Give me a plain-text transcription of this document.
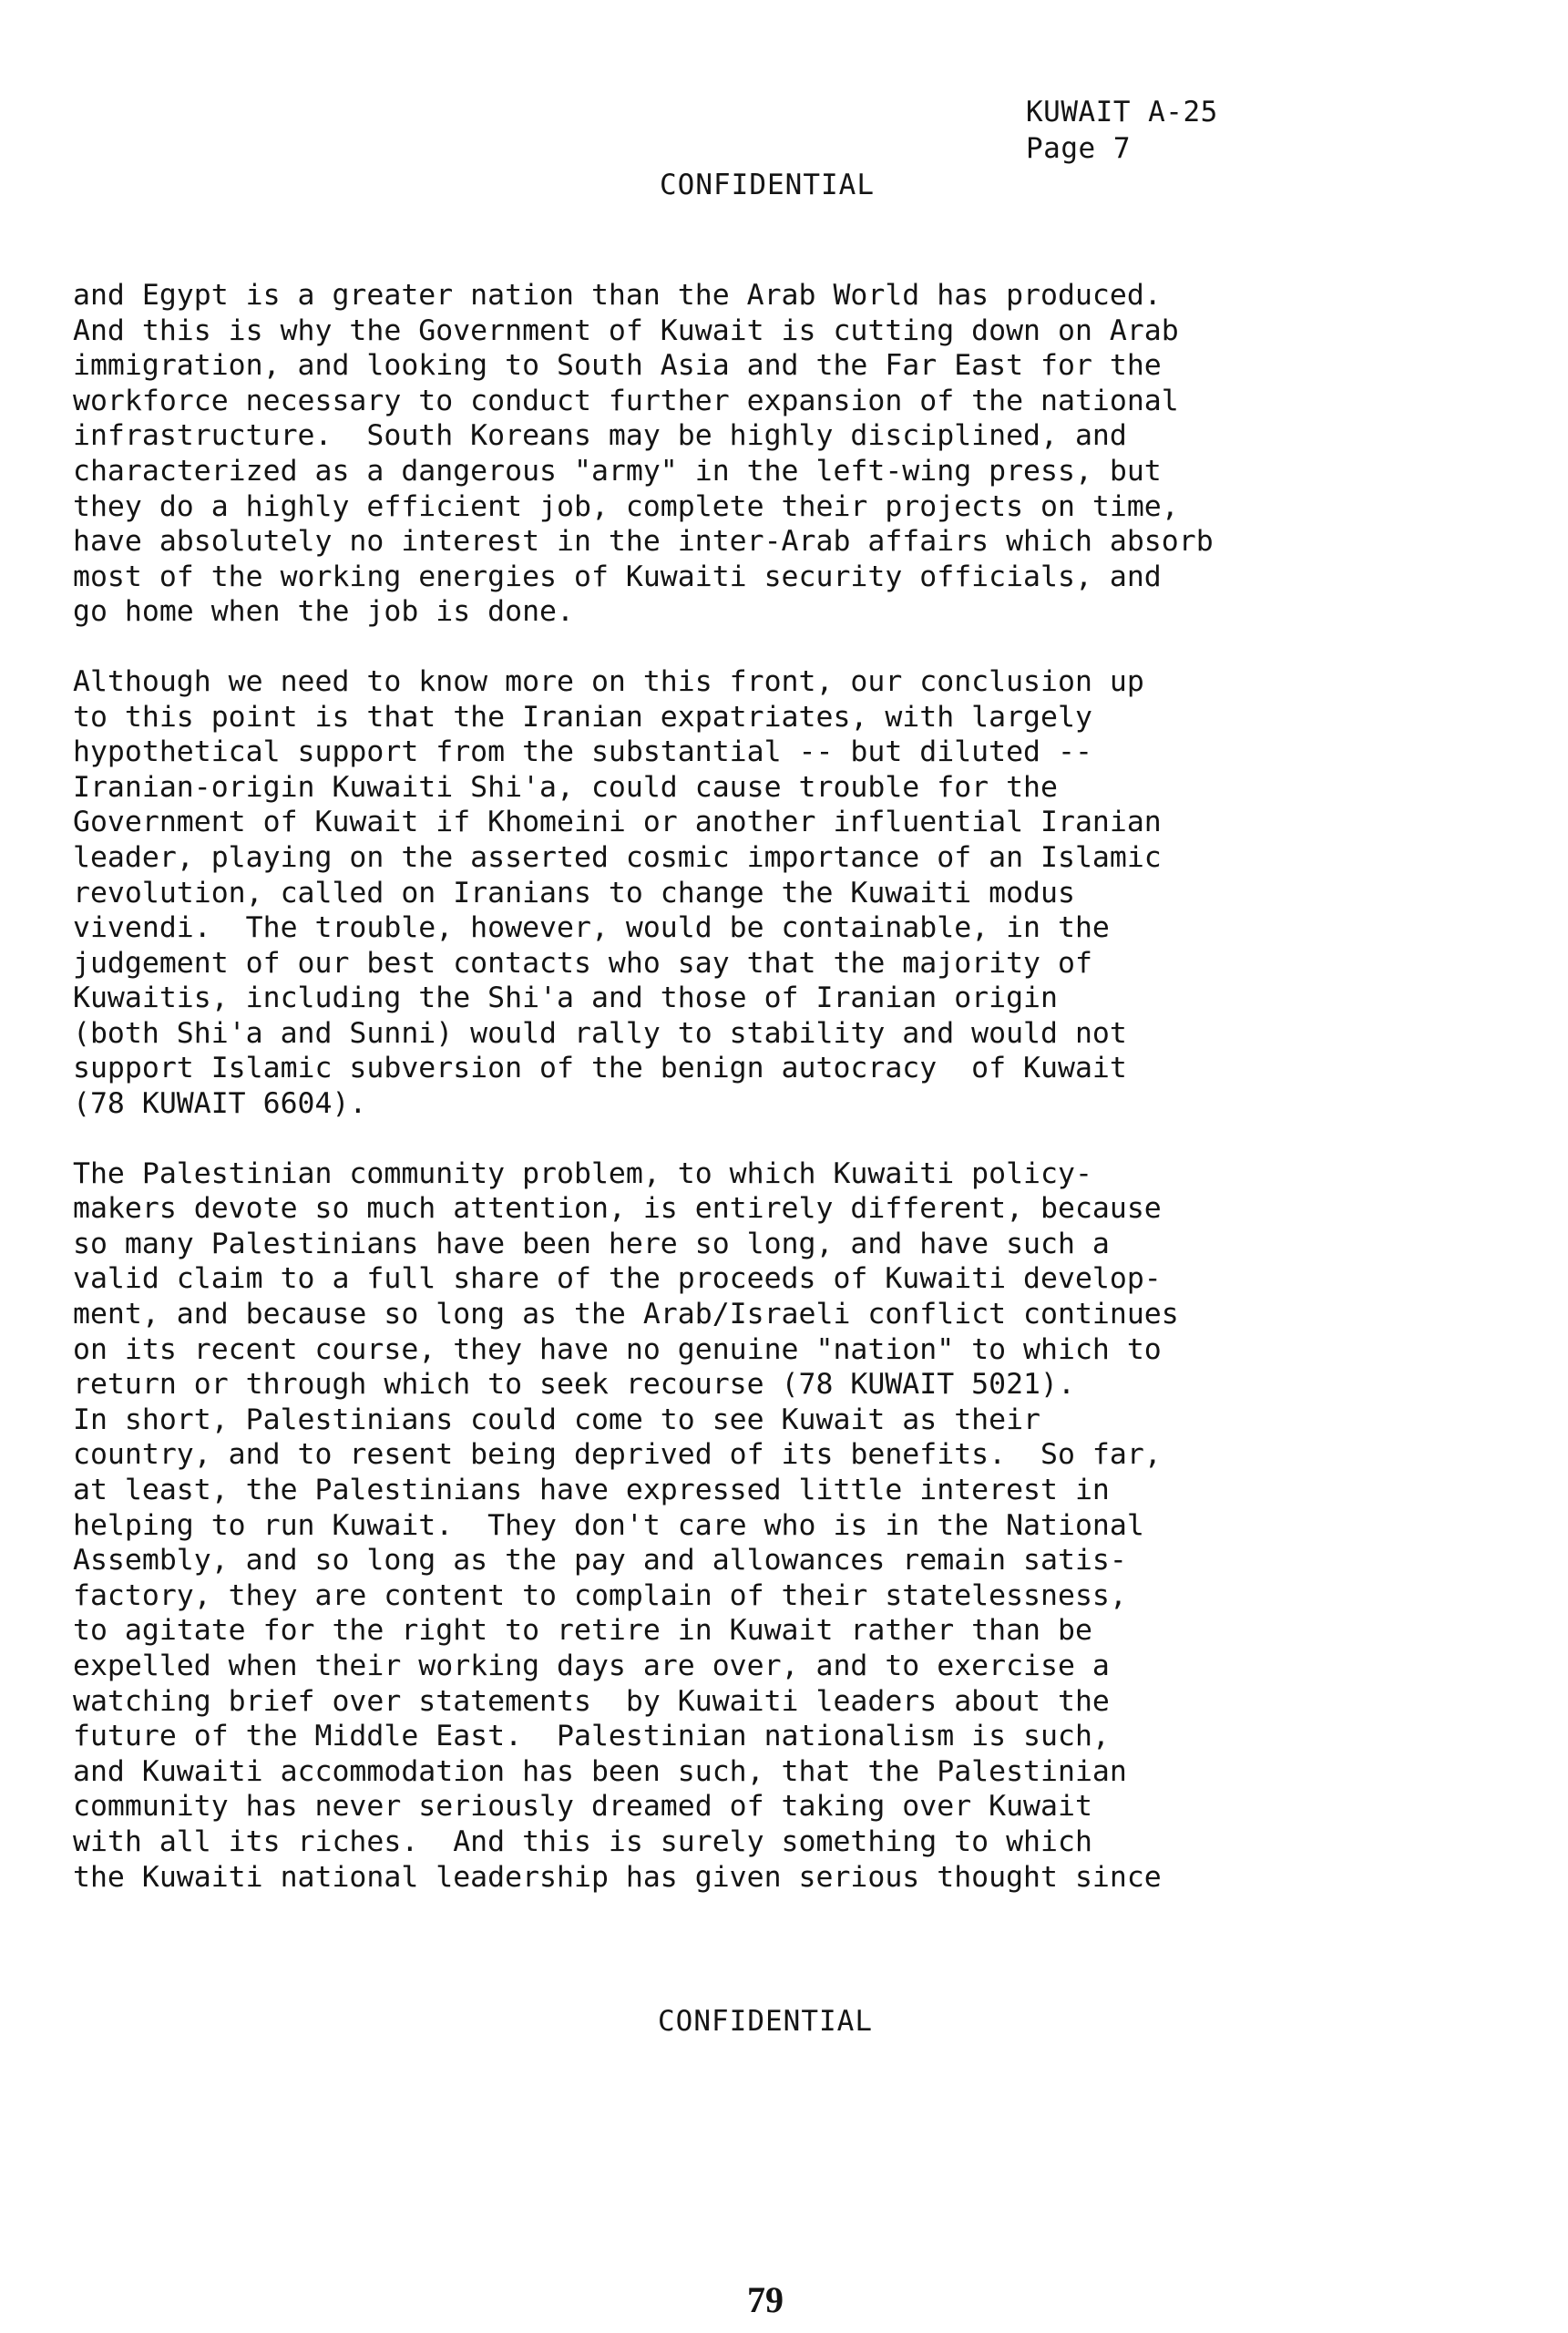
KUWAIT A-25
Page 7
CONFIDENTIAL
and Egypt is a greater nation than the Arab World has produced.
And this is why the Government of Kuwait is cutting down on Arab
immigration, and looking to South Asia and the Far East for the
workforce necessary to conduct further expansion of the national
infrastructure.  South Koreans may be highly disciplined, and
characterized as a dangerous "army" in the left-wing press, but
they do a highly efficient job, complete their projects on time,
have absolutely no interest in the inter-Arab affairs which absorb
most of the working energies of Kuwaiti security officials, and
go home when the job is done.
Although we need to know more on this front, our conclusion up
to this point is that the Iranian expatriates, with largely
hypothetical support from the substantial -- but diluted --
Iranian-origin Kuwaiti Shi'a, could cause trouble for the
Government of Kuwait if Khomeini or another influential Iranian
leader, playing on the asserted cosmic importance of an Islamic
revolution, called on Iranians to change the Kuwaiti modus
vivendi.  The trouble, however, would be containable, in the
judgement of our best contacts who say that the majority of
Kuwaitis, including the Shi'a and those of Iranian origin
(both Shi'a and Sunni) would rally to stability and would not
support Islamic subversion of the benign autocracy  of Kuwait
(78 KUWAIT 6604).
The Palestinian community problem, to which Kuwaiti policy-
makers devote so much attention, is entirely different, because
so many Palestinians have been here so long, and have such a
valid claim to a full share of the proceeds of Kuwaiti develop-
ment, and because so long as the Arab/Israeli conflict continues
on its recent course, they have no genuine "nation" to which to
return or through which to seek recourse (78 KUWAIT 5021).
In short, Palestinians could come to see Kuwait as their
country, and to resent being deprived of its benefits.  So far,
at least, the Palestinians have expressed little interest in
helping to run Kuwait.  They don't care who is in the National
Assembly, and so long as the pay and allowances remain satis-
factory, they are content to complain of their statelessness,
to agitate for the right to retire in Kuwait rather than be
expelled when their working days are over, and to exercise a
watching brief over statements  by Kuwaiti leaders about the
future of the Middle East.  Palestinian nationalism is such,
and Kuwaiti accommodation has been such, that the Palestinian
community has never seriously dreamed of taking over Kuwait
with all its riches.  And this is surely something to which
the Kuwaiti national leadership has given serious thought since
CONFIDENTIAL
79
